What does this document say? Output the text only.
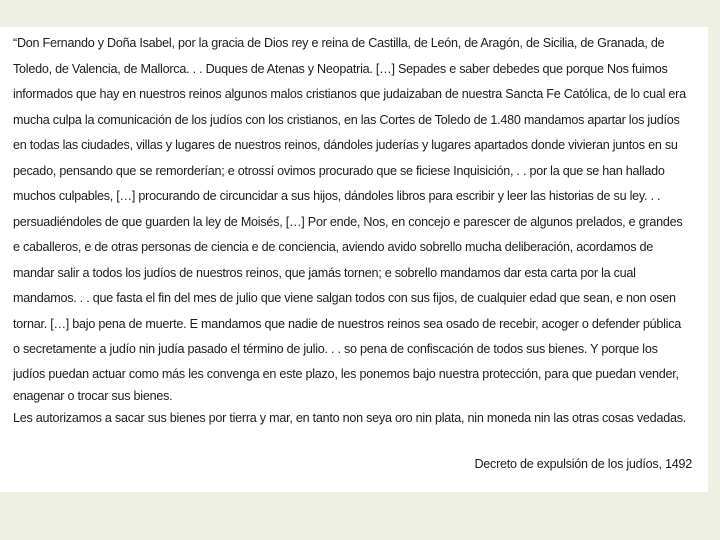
“Don Fernando y Doña Isabel, por la gracia de Dios rey e reina de Castilla, de León, de Aragón, de Sicilia, de Granada, de
Toledo, de Valencia, de Mallorca. . . Duques de Atenas y Neopatria. […] Sepades e saber debedes que porque Nos fuimos
informados que hay en nuestros reinos algunos malos cristianos que judaizaban de nuestra Sancta Fe Católica, de lo cual era
mucha culpa la comunicación de los judíos con los cristianos, en las Cortes de Toledo de 1.480 mandamos apartar los judíos
en todas las ciudades, villas y lugares de nuestros reinos, dándoles juderías y lugares apartados donde vivieran juntos en su
pecado, pensando que se remorderían; e otrossí ovimos procurado que se ficiese Inquisición, . . por la que se han hallado
muchos culpables, […] procurando de circuncidar a sus hijos, dándoles libros para escribir y leer las historias de su ley. . .
persuadiéndoles de que guarden la ley de Moisés, […] Por ende, Nos, en concejo e parescer de algunos prelados, e grandes
e caballeros, e de otras personas de ciencia e de conciencia, aviendo avido sobrello mucha deliberación, acordamos de
mandar salir a todos los judíos de nuestros reinos, que jamás tornen; e sobrello mandamos dar esta carta por la cual
mandamos. . . que fasta el fin del mes de julio que viene salgan todos con sus fijos, de cualquier edad que sean, e non osen
tornar. […] bajo pena de muerte. E mandamos que nadie de nuestros reinos sea osado de recebir, acoger o defender pública
o secretamente a judío nin judía pasado el término de julio. . . so pena de confiscación de todos sus bienes. Y porque los
judíos puedan actuar como más les convenga en este plazo, les ponemos bajo nuestra protección, para que puedan vender,
enagenar o trocar sus bienes.
Les autorizamos a sacar sus bienes por tierra y mar, en tanto non seya oro nin plata, nin moneda nin las otras cosas vedadas.
Decreto de expulsión de los judíos, 1492
